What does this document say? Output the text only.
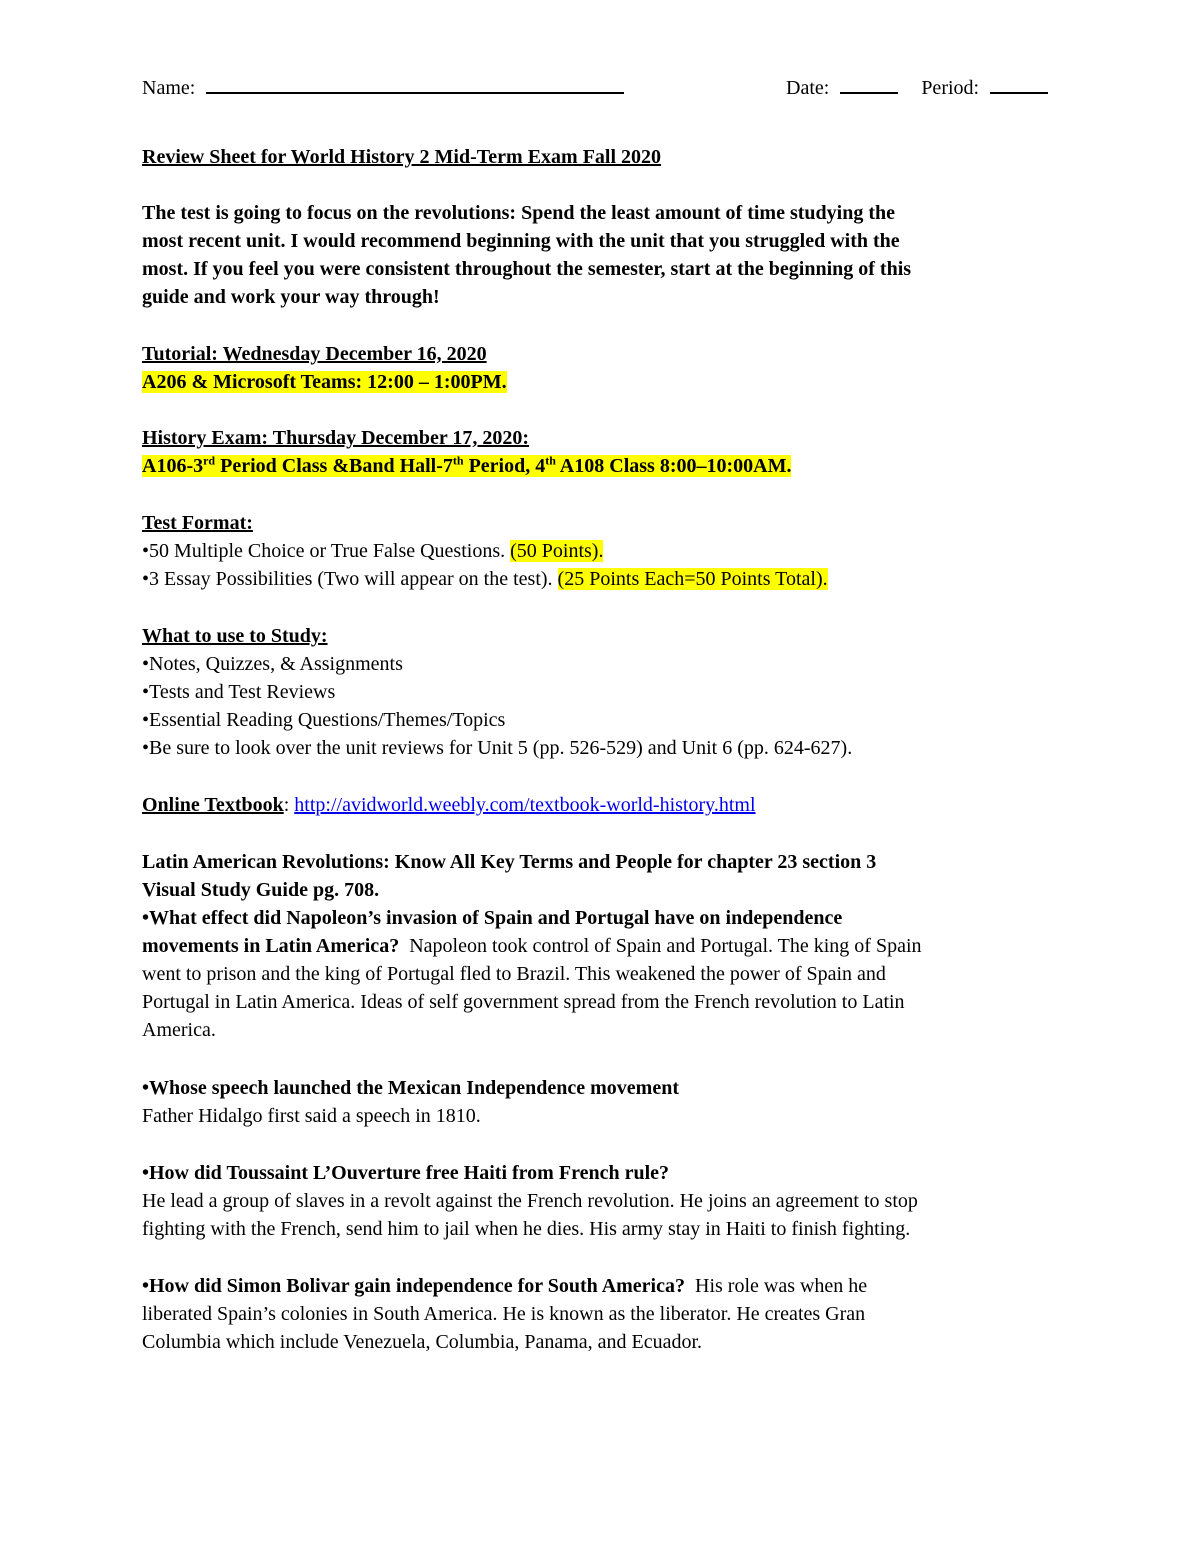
Name:	Date:	Period:
Review Sheet for World History 2 Mid-Term Exam Fall 2020
The test is going to focus on the revolutions: Spend the least amount of time studying the
most recent unit. I would recommend beginning with the unit that you struggled with the
most. If you feel you were consistent throughout the semester, start at the beginning of this
guide and work your way through!
Tutorial: Wednesday December 16, 2020
A206 & Microsoft Teams: 12:00 – 1:00PM.
History Exam: Thursday December 17, 2020:
A106-3rd Period Class &Band Hall-7th Period, 4th A108 Class 8:00–10:00AM.
Test Format:
•50 Multiple Choice or True False Questions. (50 Points).
•3 Essay Possibilities (Two will appear on the test). (25 Points Each=50 Points Total).
What to use to Study:
•Notes, Quizzes, & Assignments
•Tests and Test Reviews
•Essential Reading Questions/Themes/Topics
•Be sure to look over the unit reviews for Unit 5 (pp. 526-529) and Unit 6 (pp. 624-627).
Online Textbook: http://avidworld.weebly.com/textbook-world-history.html
Latin American Revolutions: Know All Key Terms and People for chapter 23 section 3
Visual Study Guide pg. 708.
•What effect did Napoleon’s invasion of Spain and Portugal have on independence
movements in Latin America?  Napoleon took control of Spain and Portugal. The king of Spain
went to prison and the king of Portugal fled to Brazil. This weakened the power of Spain and
Portugal in Latin America. Ideas of self government spread from the French revolution to Latin
America.
•Whose speech launched the Mexican Independence movement
Father Hidalgo first said a speech in 1810.
•How did Toussaint L’Ouverture free Haiti from French rule?
He lead a group of slaves in a revolt against the French revolution. He joins an agreement to stop
fighting with the French, send him to jail when he dies. His army stay in Haiti to finish fighting.
•How did Simon Bolivar gain independence for South America?  His role was when he
liberated Spain’s colonies in South America. He is known as the liberator. He creates Gran
Columbia which include Venezuela, Columbia, Panama, and Ecuador.
